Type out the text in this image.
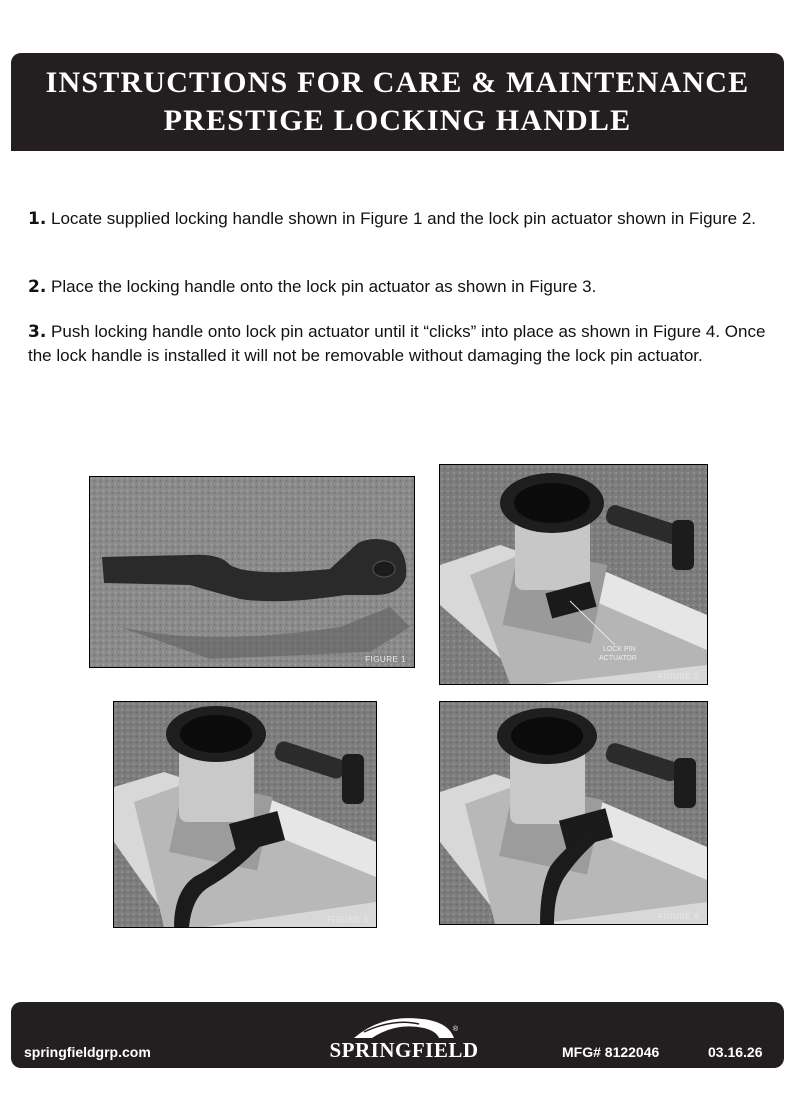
INSTRUCTIONS FOR CARE & MAINTENANCE
PRESTIGE LOCKING HANDLE
1. Locate supplied locking handle shown in Figure 1 and the lock pin actuator shown in Figure 2.
2. Place the locking handle onto the lock pin actuator as shown in Figure 3.
3. Push locking handle onto lock pin actuator until it “clicks” into place as shown in Figure 4. Once the lock handle is installed it will not be removable without damaging the lock pin actuator.
FIGURE 1
LOCK PIN
ACTUATOR
FIGURE 2
FIGURE 3	FIGURE 4
springfieldgrp.com
®
SPRINGFIELD	MFG# 8122046	03.16.26
